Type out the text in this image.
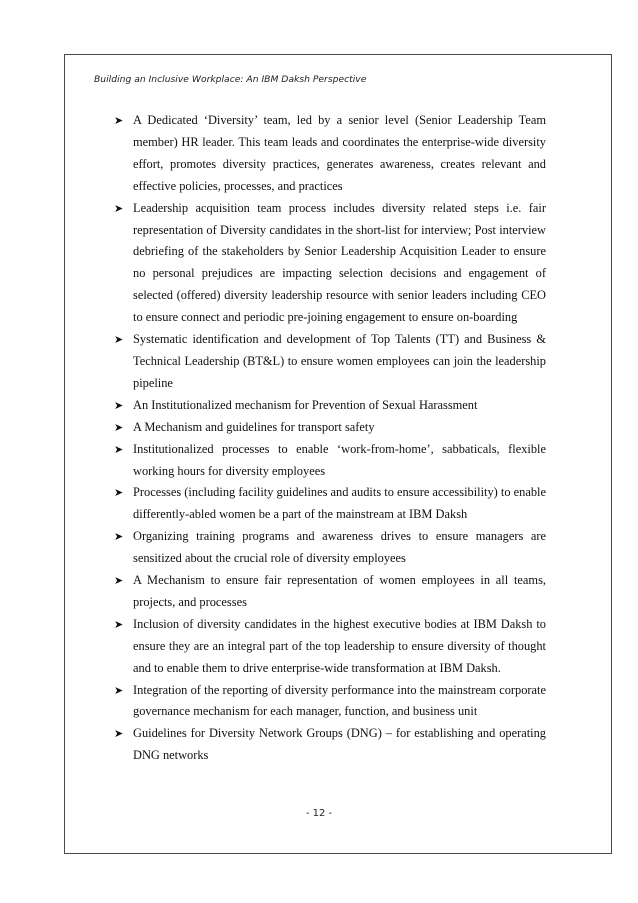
Building an Inclusive Workplace: An IBM Daksh Perspective
➤ A Dedicated ‘Diversity’ team, led by a senior level (Senior Leadership Team member) HR leader. This team leads and coordinates the enterprise-wide diversity effort, promotes diversity practices, generates awareness, creates relevant and effective policies, processes, and practices
➤ Leadership acquisition team process includes diversity related steps i.e. fair representation of Diversity candidates in the short-list for interview; Post interview debriefing of the stakeholders by Senior Leadership Acquisition Leader to ensure no personal prejudices are impacting selection decisions and engagement of selected (offered) diversity leadership resource with senior leaders including CEO to ensure connect and periodic pre-joining engagement to ensure on-boarding
➤ Systematic identification and development of Top Talents (TT) and Business & Technical Leadership (BT&L) to ensure women employees can join the leadership pipeline
➤ An Institutionalized mechanism for Prevention of Sexual Harassment
➤ A Mechanism and guidelines for transport safety
➤ Institutionalized processes to enable ‘work-from-home’, sabbaticals, flexible working hours for diversity employees
➤ Processes (including facility guidelines and audits to ensure accessibility) to enable differently-abled women be a part of the mainstream at IBM Daksh
➤ Organizing training programs and awareness drives to ensure managers are sensitized about the crucial role of diversity employees
➤ A Mechanism to ensure fair representation of women employees in all teams, projects, and processes
➤ Inclusion of diversity candidates in the highest executive bodies at IBM Daksh to ensure they are an integral part of the top leadership to ensure diversity of thought and to enable them to drive enterprise-wide transformation at IBM Daksh.
➤ Integration of the reporting of diversity performance into the mainstream corporate governance mechanism for each manager, function, and business unit
➤ Guidelines for Diversity Network Groups (DNG) – for establishing and operating DNG networks
- 12 -
